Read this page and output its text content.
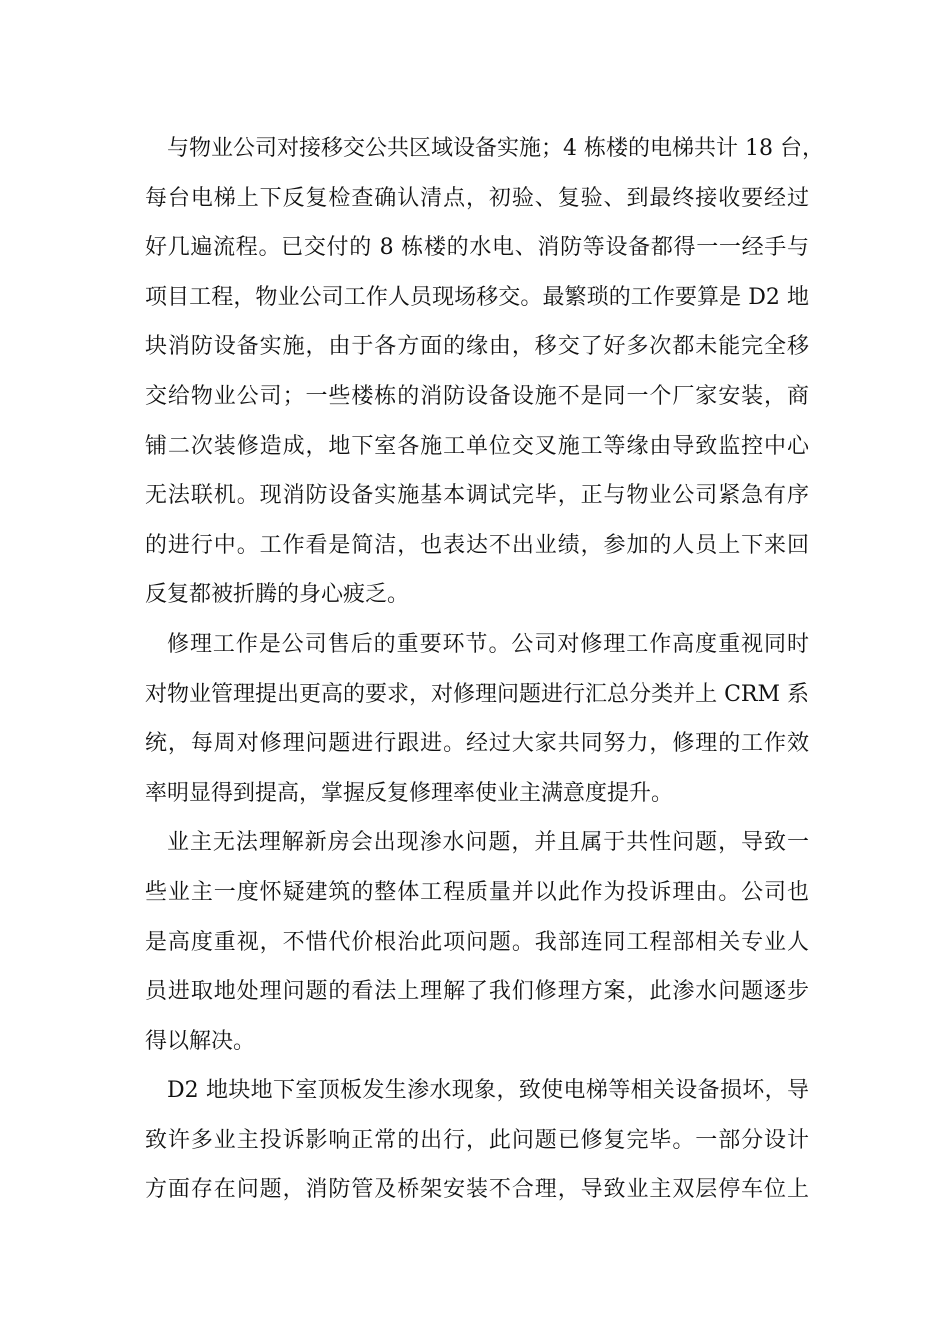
与物业公司对接移交公共区域设备实施；4 栋楼的电梯共计 18 台，
每台电梯上下反复检查确认清点，初验、复验、到最终接收要经过
好几遍流程。已交付的 8 栋楼的水电、消防等设备都得一一经手与
项目工程，物业公司工作人员现场移交。最繁琐的工作要算是 D2 地
块消防设备实施，由于各方面的缘由，移交了好多次都未能完全移
交给物业公司；一些楼栋的消防设备设施不是同一个厂家安装，商
铺二次装修造成，地下室各施工单位交叉施工等缘由导致监控中心
无法联机。现消防设备实施基本调试完毕，正与物业公司紧急有序
的进行中。工作看是简洁，也表达不出业绩，参加的人员上下来回
反复都被折腾的身心疲乏。
修理工作是公司售后的重要环节。公司对修理工作高度重视同时
对物业管理提出更高的要求，对修理问题进行汇总分类并上 CRM 系
统，每周对修理问题进行跟进。经过大家共同努力，修理的工作效
率明显得到提高，掌握反复修理率使业主满意度提升。
业主无法理解新房会出现渗水问题，并且属于共性问题，导致一
些业主一度怀疑建筑的整体工程质量并以此作为投诉理由。公司也
是高度重视，不惜代价根治此项问题。我部连同工程部相关专业人
员进取地处理问题的看法上理解了我们修理方案，此渗水问题逐步
得以解决。
D2 地块地下室顶板发生渗水现象，致使电梯等相关设备损坏，导
致许多业主投诉影响正常的出行，此问题已修复完毕。一部分设计
方面存在问题，消防管及桥架安装不合理，导致业主双层停车位上
